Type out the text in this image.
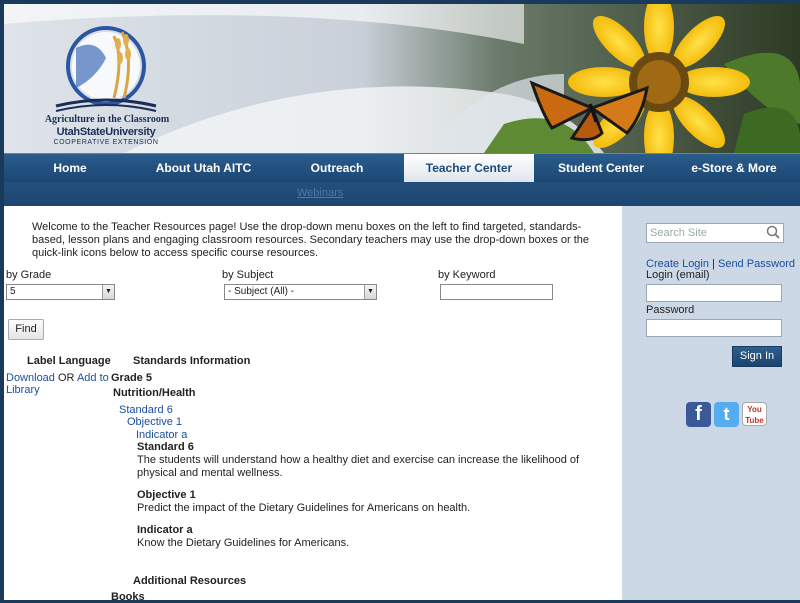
Agriculture in the Classroom
UtahStateUniversity
COOPERATIVE EXTENSION
Home	About Utah AITC	Outreach	Teacher Center	Student Center	e-Store & More
Webinars
Welcome to the Teacher Resources page! Use the drop-down menu boxes on the left to find targeted, standards-based, lesson plans and engaging classroom resources. Secondary teachers may use the drop-down boxes or the quick-link icons below to access specific course resources.
by Grade
5	▼
by Subject
- Subject (All) -	▼
by Keyword
Find
Label Language Standards Information
Download OR Add to
Library
Grade 5
Nutrition/Health
Standard 6
Objective 1
Indicator a
Standard 6
The students will understand how a healthy diet and exercise can increase the likelihood of
physical and mental wellness.
Objective 1
Predict the impact of the Dietary Guidelines for Americans on health.
Indicator a
Know the Dietary Guidelines for Americans.
Additional Resources
Books
Search Site
Create Login | Send Password
Login (email)
Password
Sign In
f	t	You Tube
